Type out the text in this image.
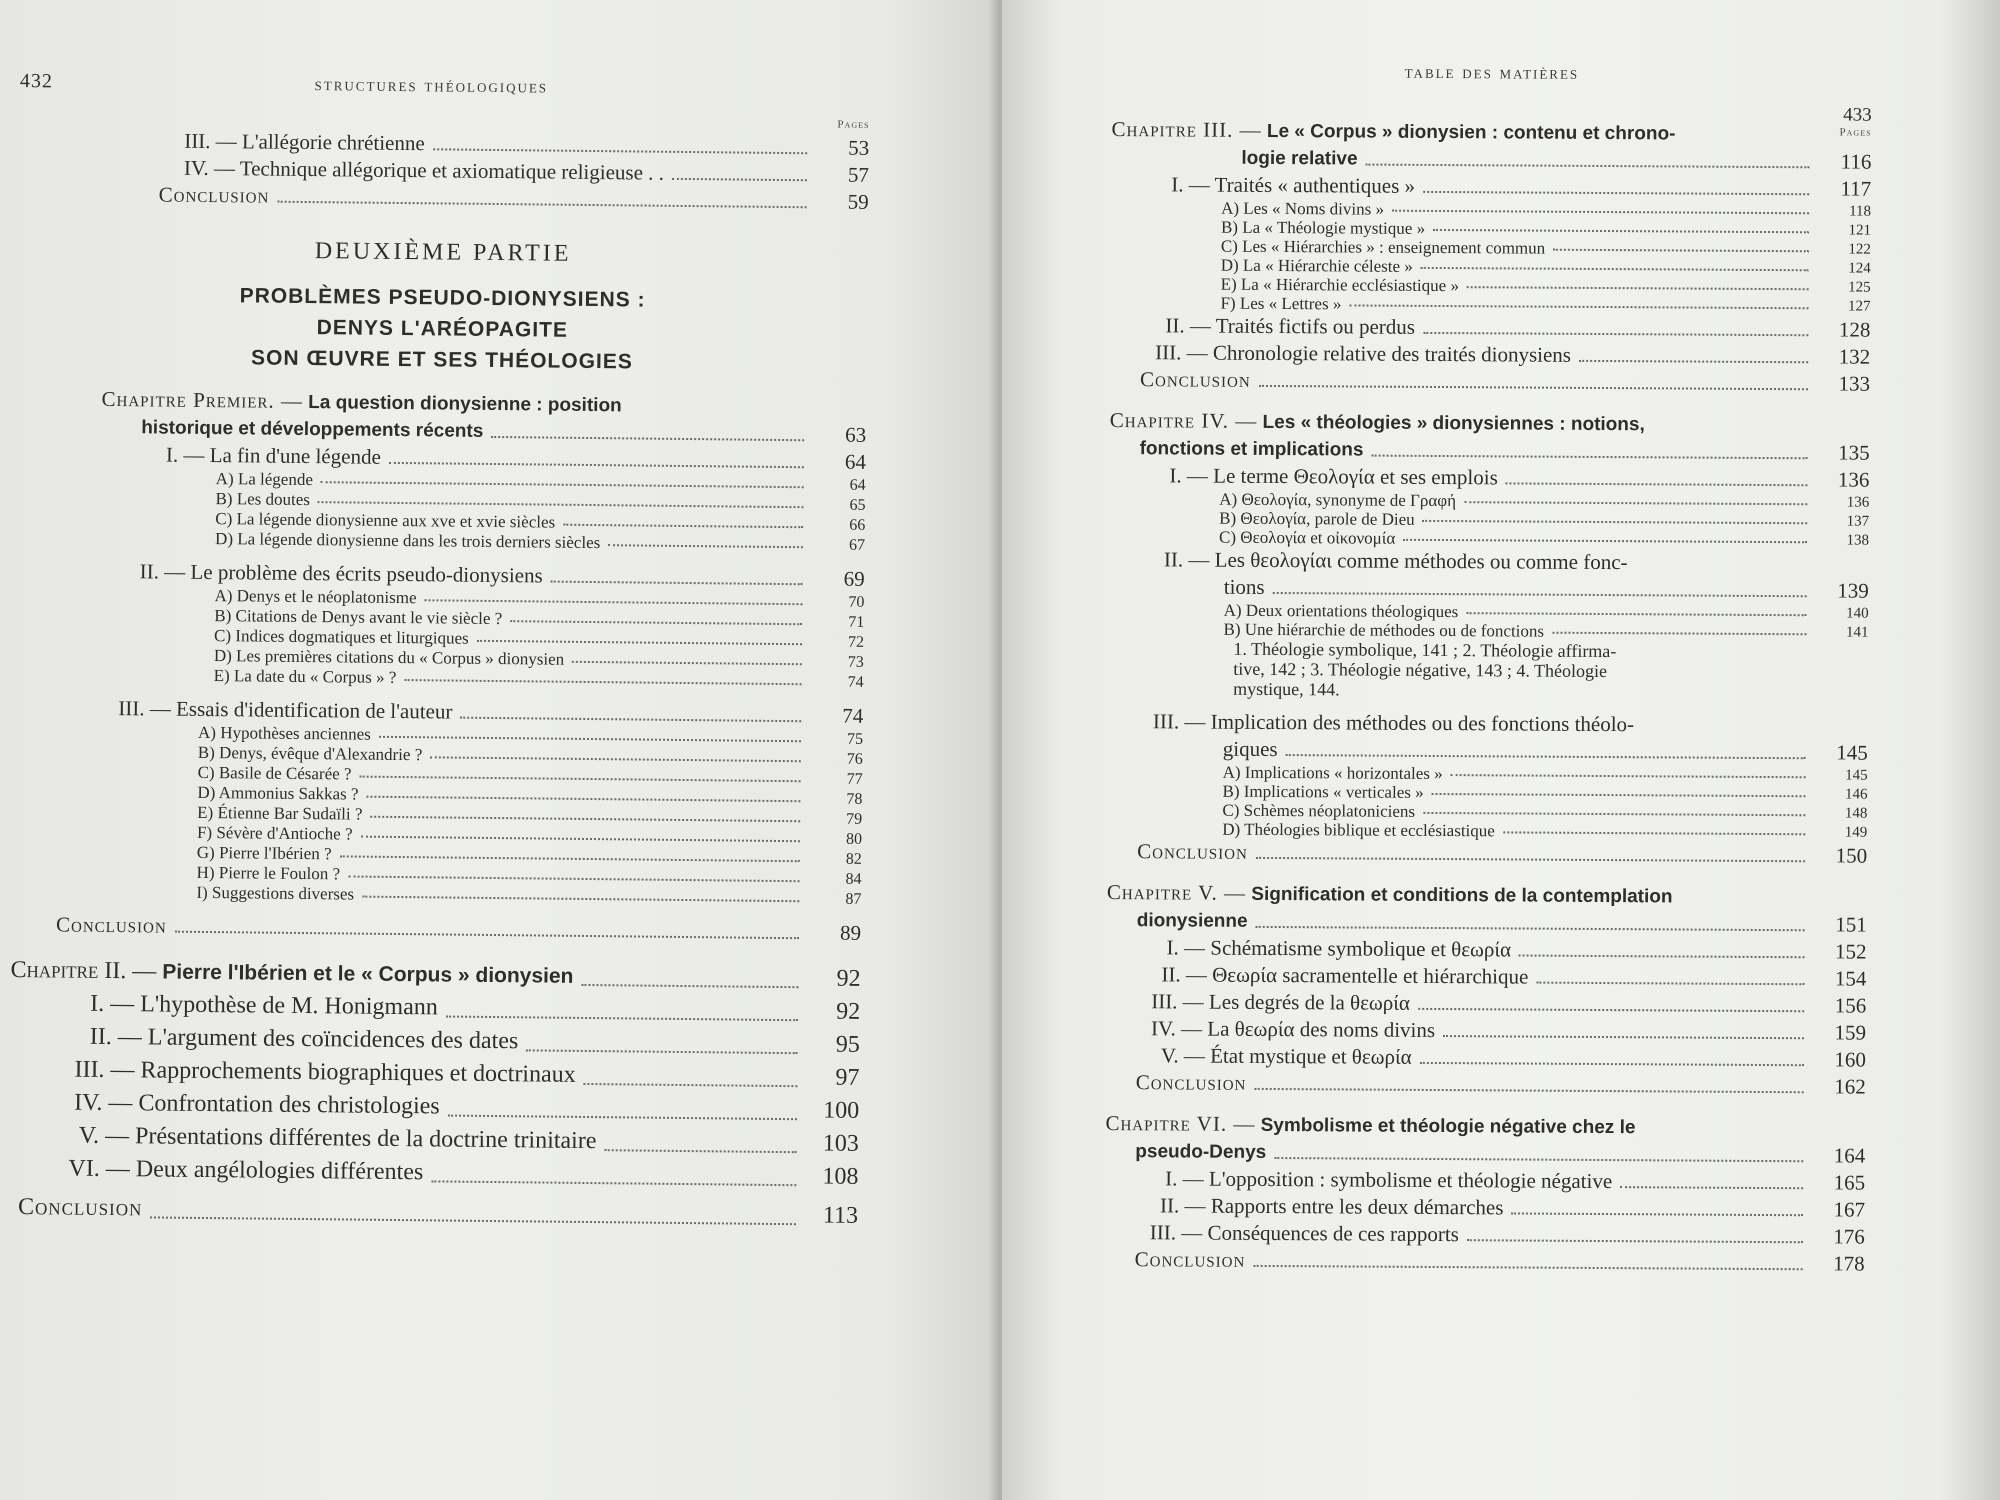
432	structures théologiques
Pages
III. — L'allégorie chrétienne	53
IV. — Technique allégorique et axiomatique religieuse . .	57
Conclusion	59
DEUXIÈME PARTIE
PROBLÈMES PSEUDO-DIONYSIENS :
DENYS L'ARÉOPAGITE
SON ŒUVRE ET SES THÉOLOGIES
Chapitre Premier. — La question dionysienne : position
historique et développements récents	63
I. — La fin d'une légende	64
A) La légende	64
B) Les doutes	65
C) La légende dionysienne aux xve et xvie siècles	66
D) La légende dionysienne dans les trois derniers siècles	67
II. — Le problème des écrits pseudo-dionysiens	69
A) Denys et le néoplatonisme	70
B) Citations de Denys avant le vie siècle ?	71
C) Indices dogmatiques et liturgiques	72
D) Les premières citations du « Corpus » dionysien	73
E) La date du « Corpus » ?	74
III. — Essais d'identification de l'auteur	74
A) Hypothèses anciennes	75
B) Denys, évêque d'Alexandrie ?	76
C) Basile de Césarée ?	77
D) Ammonius Sakkas ?	78
E) Étienne Bar Sudaïli ?	79
F) Sévère d'Antioche ?	80
G) Pierre l'Ibérien ?	82
H) Pierre le Foulon ?	84
I) Suggestions diverses	87
Conclusion	89
Chapitre II. — Pierre l'Ibérien et le « Corpus » dionysien	92
I. — L'hypothèse de M. Honigmann	92
II. — L'argument des coïncidences des dates	95
III. — Rapprochements biographiques et doctrinaux	97
IV. — Confrontation des christologies	100
V. — Présentations différentes de la doctrine trinitaire	103
VI. — Deux angélologies différentes	108
Conclusion	113
table des matières
433
Pages
Chapitre III. — Le « Corpus » dionysien : contenu et chrono-
logie relative	116
I. — Traités « authentiques »	117
A) Les « Noms divins »	118
B) La « Théologie mystique »	121
C) Les « Hiérarchies » : enseignement commun	122
D) La « Hiérarchie céleste »	124
E) La « Hiérarchie ecclésiastique »	125
F) Les « Lettres »	127
II. — Traités fictifs ou perdus	128
III. — Chronologie relative des traités dionysiens	132
Conclusion	133
Chapitre IV. — Les « théologies » dionysiennes : notions,
fonctions et implications	135
I. — Le terme Θεολογία et ses emplois	136
A) Θεολογία, synonyme de Γραφή	136
B) Θεολογία, parole de Dieu	137
C) Θεολογία et οἰκονομία	138
II. — Les θεολογίαι comme méthodes ou comme fonc-
tions	139
A) Deux orientations théologiques	140
B) Une hiérarchie de méthodes ou de fonctions	141
1. Théologie symbolique, 141 ; 2. Théologie affirma-
tive, 142 ; 3. Théologie négative, 143 ; 4. Théologie
mystique, 144.
III. — Implication des méthodes ou des fonctions théolo-
giques	145
A) Implications « horizontales »	145
B) Implications « verticales »	146
C) Schèmes néoplatoniciens	148
D) Théologies biblique et ecclésiastique	149
Conclusion	150
Chapitre V. — Signification et conditions de la contemplation
dionysienne	151
I. — Schématisme symbolique et θεωρία	152
II. — Θεωρία sacramentelle et hiérarchique	154
III. — Les degrés de la θεωρία	156
IV. — La θεωρία des noms divins	159
V. — État mystique et θεωρία	160
Conclusion	162
Chapitre VI. — Symbolisme et théologie négative chez le
pseudo-Denys	164
I. — L'opposition : symbolisme et théologie négative	165
II. — Rapports entre les deux démarches	167
III. — Conséquences de ces rapports	176
Conclusion	178
